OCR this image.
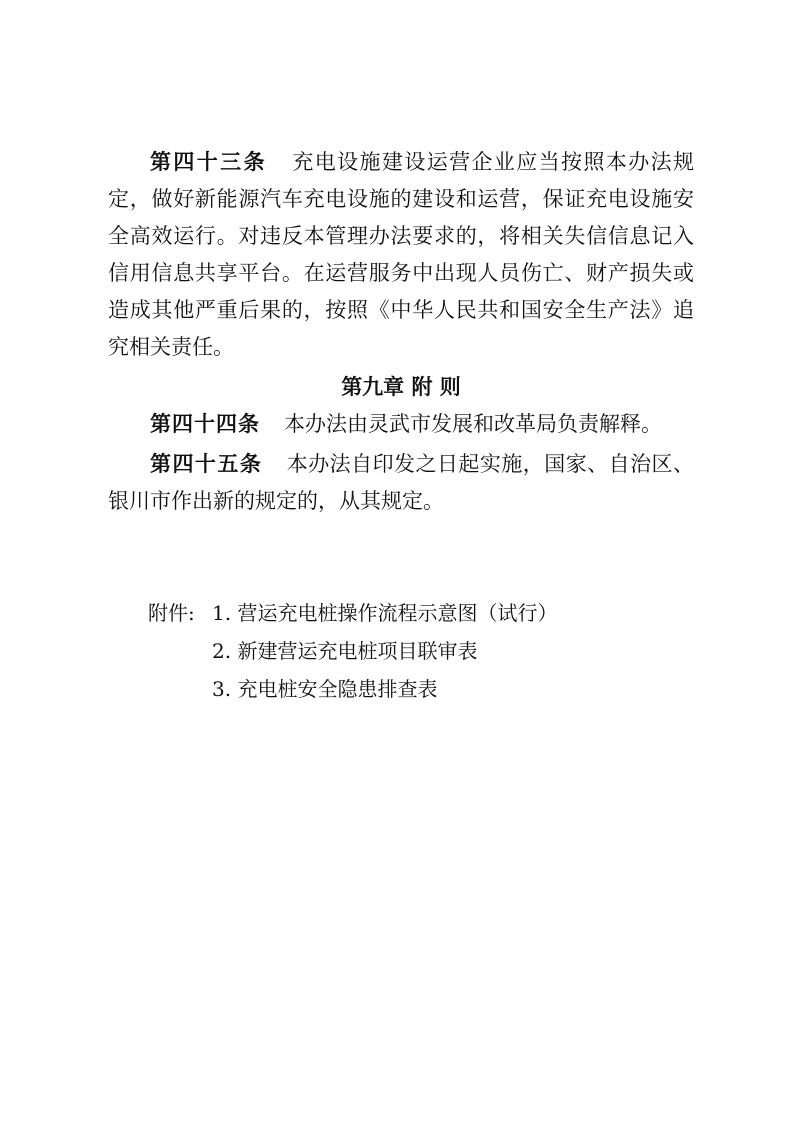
第四十三条 充电设施建设运营企业应当按照本办法规定，做好新能源汽车充电设施的建设和运营，保证充电设施安全高效运行。对违反本管理办法要求的，将相关失信信息记入信用信息共享平台。在运营服务中出现人员伤亡、财产损失或造成其他严重后果的，按照《中华人民共和国安全生产法》追究相关责任。

第九章 附 则

第四十四条 本办法由灵武市发展和改革局负责解释。

第四十五条 本办法自印发之日起实施，国家、自治区、银川市作出新的规定的，从其规定。

附件: 1. 营运充电桩操作流程示意图（试行）
2. 新建营运充电桩项目联审表
3. 充电桩安全隐患排查表
